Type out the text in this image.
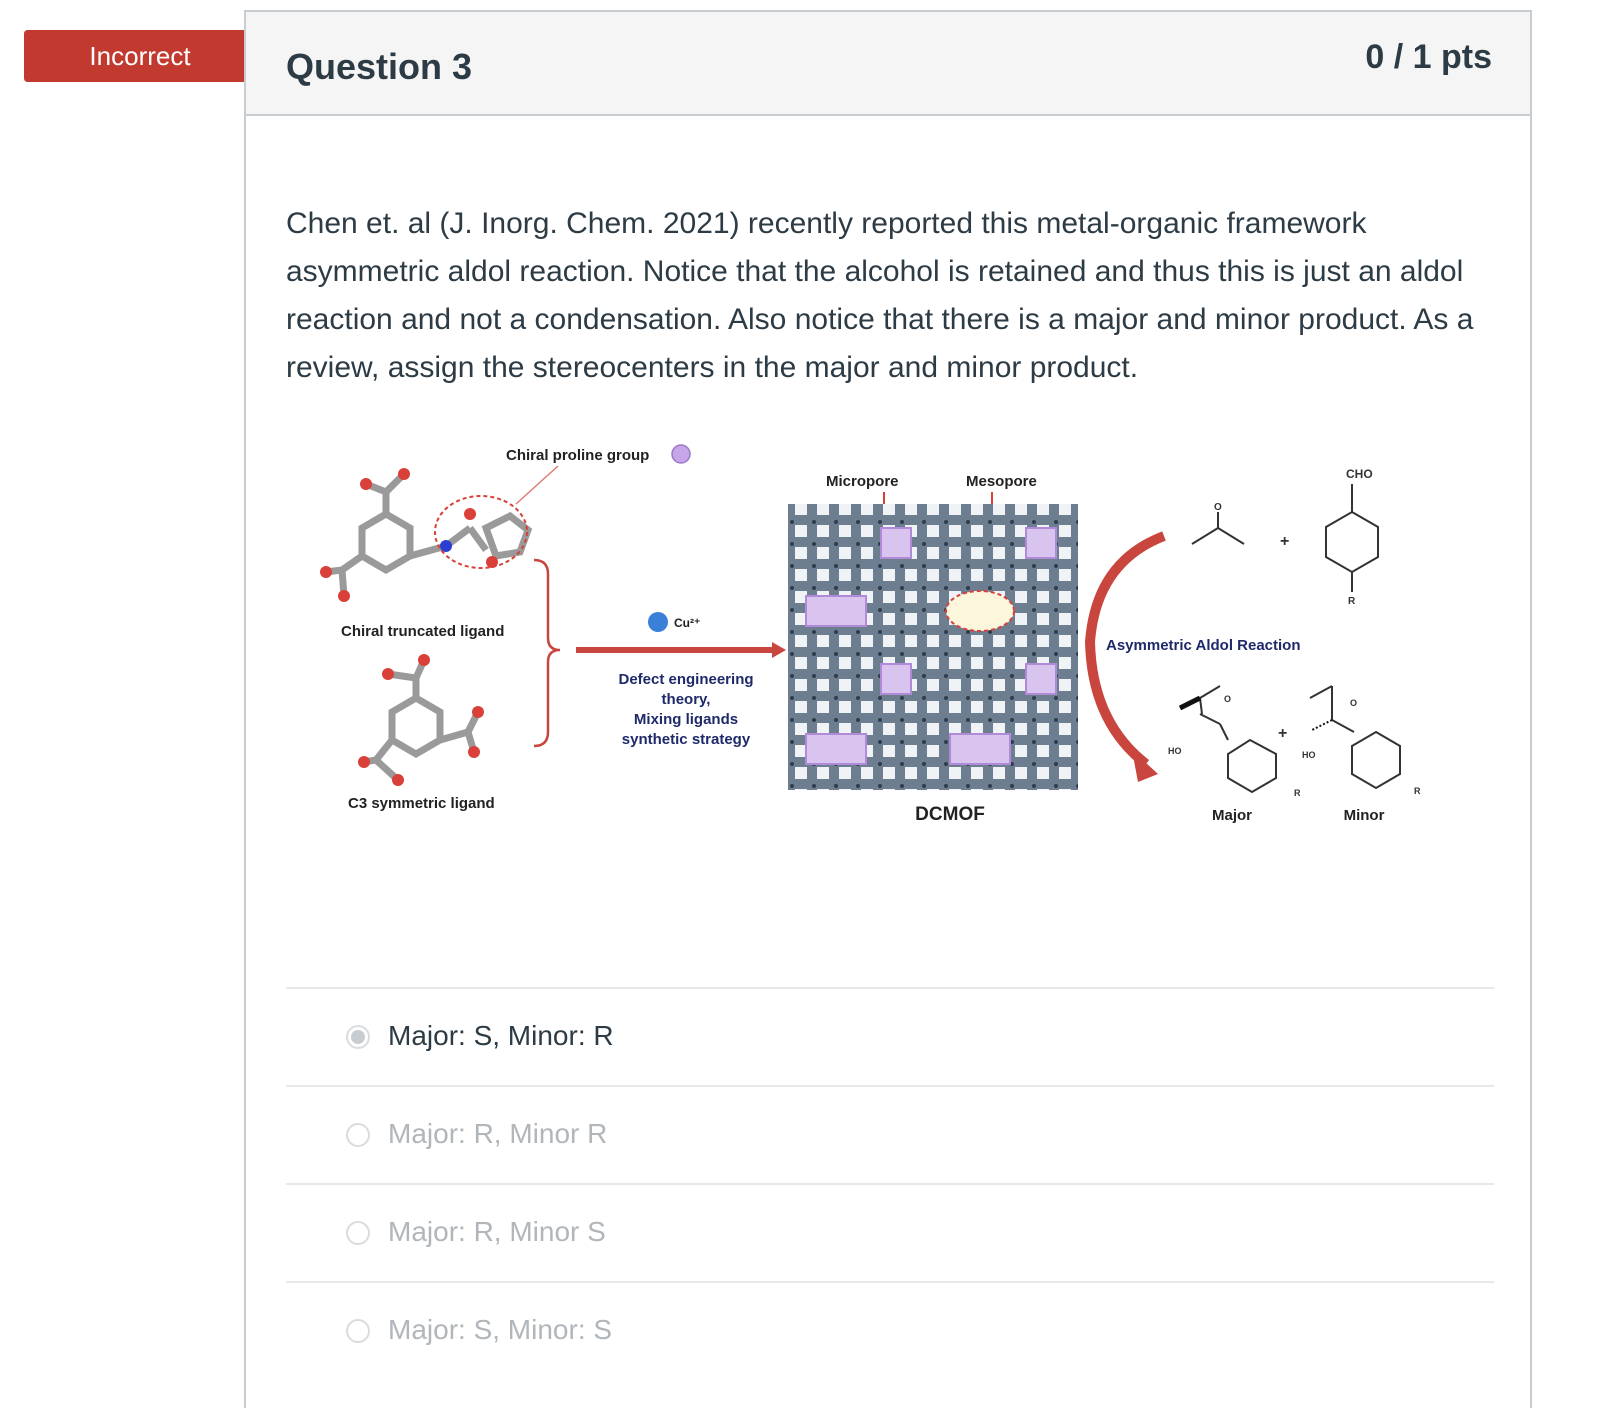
Incorrect	Question 3	0 / 1 pts
Chen et. al (J. Inorg. Chem. 2021) recently reported this metal-organic framework asymmetric aldol reaction. Notice that the alcohol is retained and thus this is just an aldol reaction and not a condensation. Also notice that there is a major and minor product. As a review, assign the stereocenters in the major and minor product.
Chiral proline group
Chiral truncated ligand
C3 symmetric ligand
Cu²⁺
Defect engineering
theory,
Mixing ligands
synthetic strategy
Micropore	Mesopore
DCMOF
Asymmetric Aldol Reaction
O
+
CHO
R
HO
O
R
+
HO
O
R
Major	Minor
Major: S, Minor: R
Major: R, Minor R
Major: R, Minor S
Major: S, Minor: S
